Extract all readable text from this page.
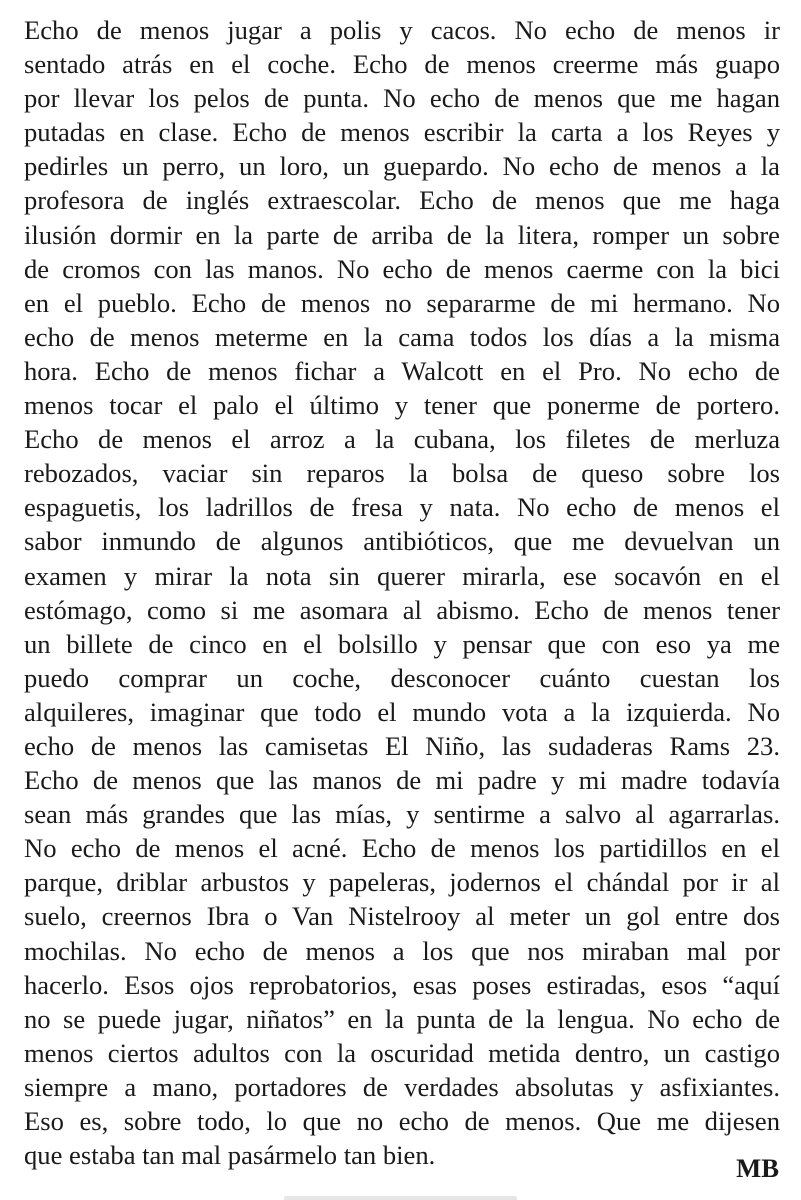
Echo de menos jugar a polis y cacos. No echo de menos ir
sentado atrás en el coche. Echo de menos creerme más guapo
por llevar los pelos de punta. No echo de menos que me hagan
putadas en clase. Echo de menos escribir la carta a los Reyes y
pedirles un perro, un loro, un guepardo. No echo de menos a la
profesora de inglés extraescolar. Echo de menos que me haga
ilusión dormir en la parte de arriba de la litera, romper un sobre
de cromos con las manos. No echo de menos caerme con la bici
en el pueblo. Echo de menos no separarme de mi hermano. No
echo de menos meterme en la cama todos los días a la misma
hora. Echo de menos fichar a Walcott en el Pro. No echo de
menos tocar el palo el último y tener que ponerme de portero.
Echo de menos el arroz a la cubana, los filetes de merluza
rebozados, vaciar sin reparos la bolsa de queso sobre los
espaguetis, los ladrillos de fresa y nata. No echo de menos el
sabor inmundo de algunos antibióticos, que me devuelvan un
examen y mirar la nota sin querer mirarla, ese socavón en el
estómago, como si me asomara al abismo. Echo de menos tener
un billete de cinco en el bolsillo y pensar que con eso ya me
puedo comprar un coche, desconocer cuánto cuestan los
alquileres, imaginar que todo el mundo vota a la izquierda. No
echo de menos las camisetas El Niño, las sudaderas Rams 23.
Echo de menos que las manos de mi padre y mi madre todavía
sean más grandes que las mías, y sentirme a salvo al agarrarlas.
No echo de menos el acné. Echo de menos los partidillos en el
parque, driblar arbustos y papeleras, jodernos el chándal por ir al
suelo, creernos Ibra o Van Nistelrooy al meter un gol entre dos
mochilas. No echo de menos a los que nos miraban mal por
hacerlo. Esos ojos reprobatorios, esas poses estiradas, esos “aquí
no se puede jugar, niñatos” en la punta de la lengua. No echo de
menos ciertos adultos con la oscuridad metida dentro, un castigo
siempre a mano, portadores de verdades absolutas y asfixiantes.
Eso es, sobre todo, lo que no echo de menos. Que me dijesen
que estaba tan mal pasármelo tan bien.	MB
